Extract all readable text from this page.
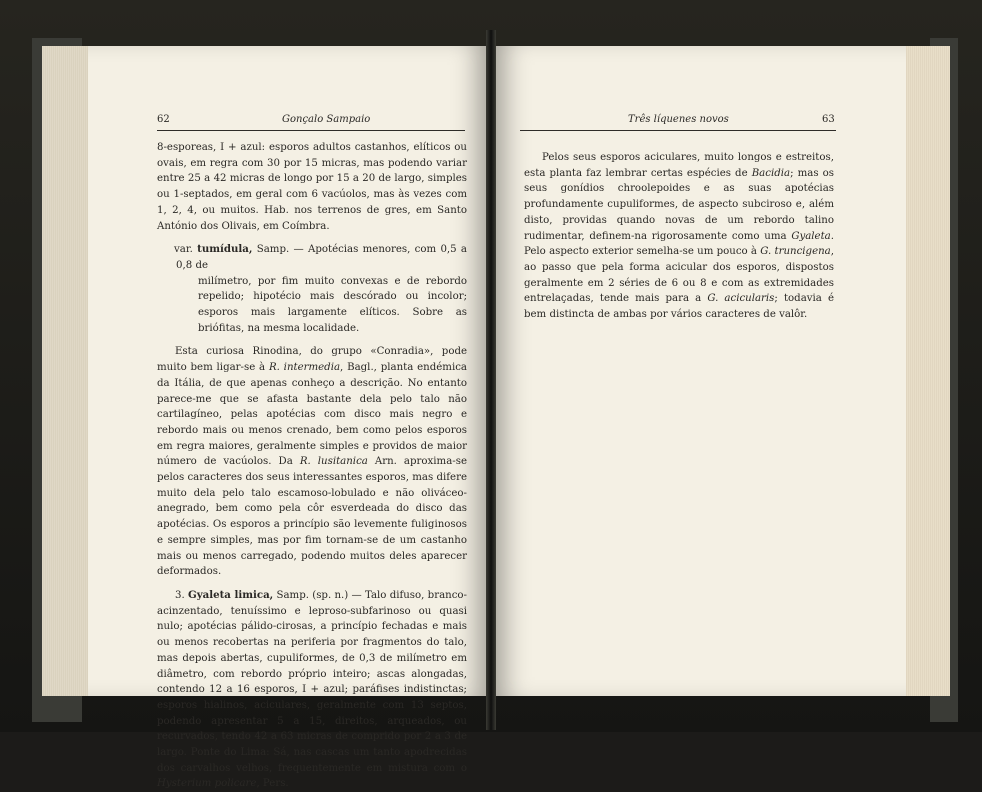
62	Gonçalo Sampaio	Três líquenes novos	63

8-esporeas, I + azul: esporos adultos castanhos, elíticos ou ovais, em regra com 30 por 15 micras, mas podendo variar entre 25 a 42 micras de longo por 15 a 20 de largo, simples ou 1-septados, em geral com 6 vacúolos, mas às vezes com 1, 2, 4, ou muitos. Hab. nos terrenos de gres, em Santo António dos Olivais, em Coímbra.

var. tumídula, Samp. — Apotécias menores, com 0,5 a 0,8 de

milímetro, por fim muito convexas e de rebordo repelido; hipotécio mais descórado ou incolor; esporos mais largamente elíticos. Sobre as briófitas, na mesma localidade.

Esta curiosa Rinodina, do grupo «Conradia», pode muito bem ligar-se à R. intermedia, Bagl., planta endémica da Itália, de que apenas conheço a descrição. No entanto parece-me que se afasta bastante dela pelo talo não cartilagíneo, pelas apotécias com disco mais negro e rebordo mais ou menos crenado, bem como pelos esporos em regra maiores, geralmente simples e providos de maior número de vacúolos. Da R. lusitanica Arn. aproxima-se pelos caracteres dos seus interessantes esporos, mas difere muito dela pelo talo escamoso-lobulado e não oliváceo-anegrado, bem como pela côr esverdeada do disco das apotécias. Os esporos a princípio são levemente fuliginosos e sempre simples, mas por fim tornam-se de um castanho mais ou menos carregado, podendo muitos deles aparecer deformados.

3. Gyaleta limica, Samp. (sp. n.) — Talo difuso, branco-acinzentado, tenuíssimo e leproso-subfarinoso ou quasi nulo; apotécias pálido-cirosas, a princípio fechadas e mais ou menos recobertas na periferia por fragmentos do talo, mas depois abertas, cupuliformes, de 0,3 de milímetro em diâmetro, com rebordo próprio inteiro; ascas alongadas, contendo 12 a 16 esporos, I + azul; paráfises indistinctas; esporos hialinos, aciculares, geralmente com 13 septos, podendo apresentar 5 a 15, direitos, arqueados, ou recurvados, tendo 42 a 63 micras de comprido por 2 a 3 de largo. Ponte do Lima: Sá, nas cascas um tanto apodrecidas dos carvalhos velhos, frequentemente em mistura com o Hysterium policare, Pers.

Pelos seus esporos aciculares, muito longos e estreitos, esta planta faz lembrar certas espécies de Bacidia; mas os seus gonídios chroolepoides e as suas apotécias profundamente cupuliformes, de aspecto subciroso e, além disto, providas quando novas de um rebordo talino rudimentar, definem-na rigorosamente como uma Gyaleta. Pelo aspecto exterior semelha-se um pouco à G. truncigena, ao passo que pela forma acicular dos esporos, dispostos geralmente em 2 séries de 6 ou 8 e com as extremidades entrelaçadas, tende mais para a G. acicularis; todavia é bem distincta de ambas por vários caracteres de valôr.
